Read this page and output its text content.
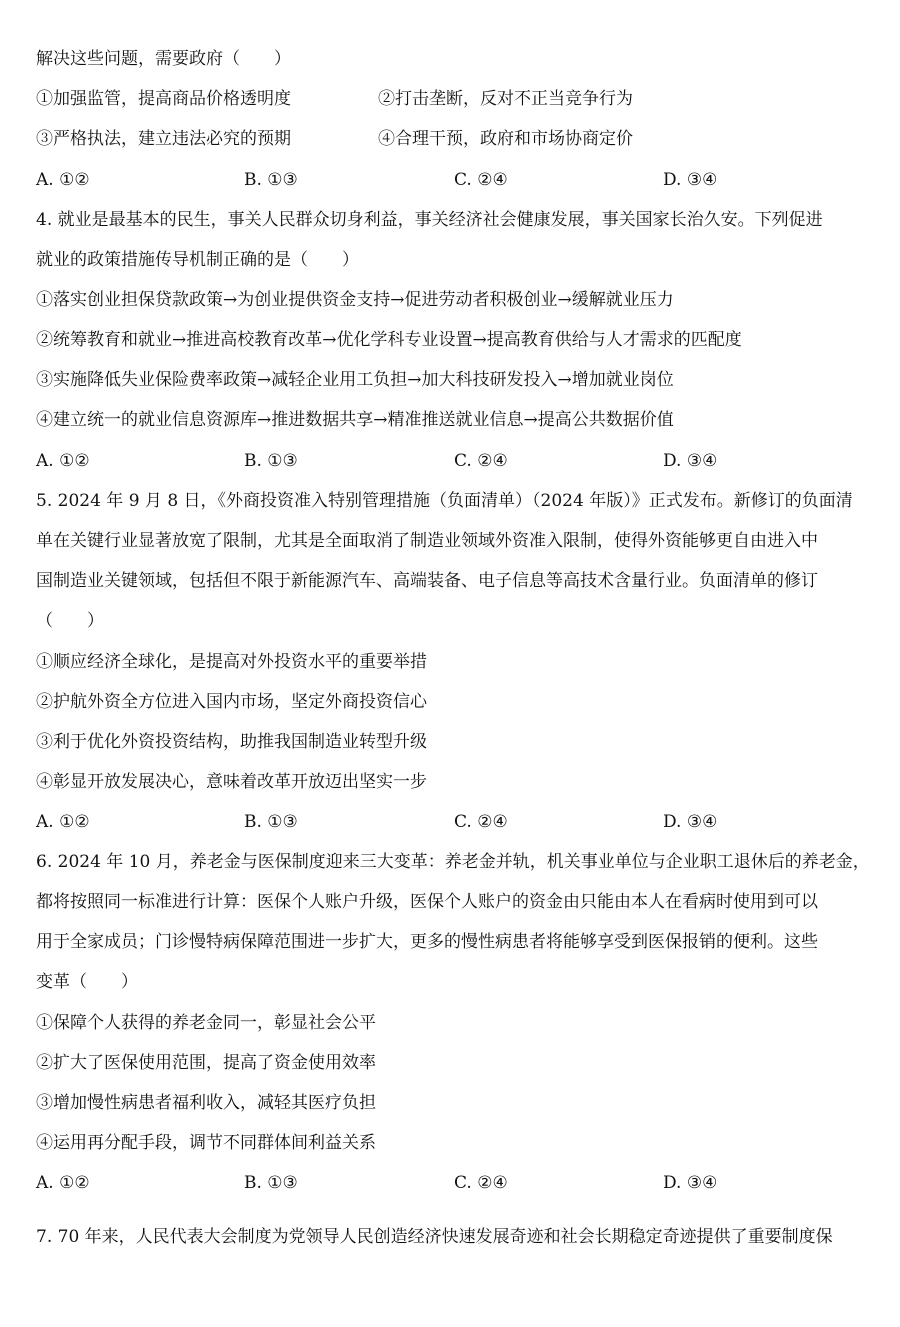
解决这些问题，需要政府（　　）
①加强监管，提高商品价格透明度	②打击垄断，反对不正当竞争行为
③严格执法，建立违法必究的预期	④合理干预，政府和市场协商定价
A. ①②	B. ①③	C. ②④	D. ③④
4. 就业是最基本的民生，事关人民群众切身利益，事关经济社会健康发展，事关国家长治久安。下列促进
就业的政策措施传导机制正确的是（　　）
①落实创业担保贷款政策→为创业提供资金支持→促进劳动者积极创业→缓解就业压力
②统筹教育和就业→推进高校教育改革→优化学科专业设置→提高教育供给与人才需求的匹配度
③实施降低失业保险费率政策→减轻企业用工负担→加大科技研发投入→增加就业岗位
④建立统一的就业信息资源库→推进数据共享→精准推送就业信息→提高公共数据价值
A. ①②	B. ①③	C. ②④	D. ③④
5. 2024 年 9 月 8 日，《外商投资准入特别管理措施（负面清单）（2024 年版）》正式发布。新修订的负面清
单在关键行业显著放宽了限制，尤其是全面取消了制造业领域外资准入限制，使得外资能够更自由进入中
国制造业关键领域，包括但不限于新能源汽车、高端装备、电子信息等高技术含量行业。负面清单的修订
（　　）
①顺应经济全球化，是提高对外投资水平的重要举措
②护航外资全方位进入国内市场，坚定外商投资信心
③利于优化外资投资结构，助推我国制造业转型升级
④彰显开放发展决心，意味着改革开放迈出坚实一步
A. ①②	B. ①③	C. ②④	D. ③④
6. 2024 年 10 月，养老金与医保制度迎来三大变革：养老金并轨，机关事业单位与企业职工退休后的养老金，
都将按照同一标准进行计算：医保个人账户升级，医保个人账户的资金由只能由本人在看病时使用到可以
用于全家成员；门诊慢特病保障范围进一步扩大，更多的慢性病患者将能够享受到医保报销的便利。这些
变革（　　）
①保障个人获得的养老金同一，彰显社会公平
②扩大了医保使用范围，提高了资金使用效率
③增加慢性病患者福利收入，减轻其医疗负担
④运用再分配手段，调节不同群体间利益关系
A. ①②	B. ①③	C. ②④	D. ③④
7. 70 年来，人民代表大会制度为党领导人民创造经济快速发展奇迹和社会长期稳定奇迹提供了重要制度保
